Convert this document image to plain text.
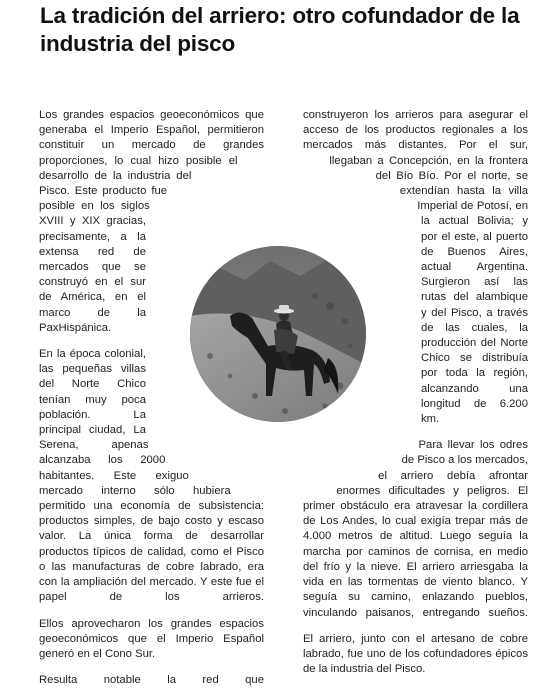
La tradición del arriero: otro cofundador de la industria del pisco

Los grandes espacios geoeconómicos que generaba el Imperio Español, permitieron constituir un mercado de grandes proporciones, lo cual hizo posible el desarrollo de la industria del Pisco. Este producto fue posible en los siglos XVIII y XIX gracias, precisamente, a la extensa red de mercados que se construyó en el sur de América, en el marco de la PaxHispánica.

En la época colonial, las pequeñas villas del Norte Chico tenían muy poca población. La principal ciudad, La Serena, apenas alcanzaba los 2000 habitantes. Este exiguo mercado interno sólo hubiera permitido una economía de subsistencia: productos simples, de bajo costo y escaso valor. La única forma de desarrollar productos típicos de calidad, como el Pisco o las manufacturas de cobre labrado, era con la ampliación del mercado. Y este fue el papel de los arrieros.

Ellos aprovecharon los grandes espacios geoeconómicos que el Imperio Español generó en el Cono Sur.

Resulta notable la red que

construyeron los arrieros para asegurar el acceso de los productos regionales a los mercados más distantes. Por el sur, llegaban a Concepción, en la frontera del Bío Bío. Por el norte, se extendían hasta la villa Imperial de Potosí, en la actual Bolivia; y por el este, al puerto de Buenos Aires, actual Argentina. Surgieron así las rutas del alambique y del Pisco, a través de las cuales, la producción del Norte Chico se distribuía por toda la región, alcanzando una longitud de 6.200 km.

Para llevar los odres de Pisco a los mercados, el arriero debía afrontar enormes dificultades y peligros. El primer obstáculo era atravesar la cordillera de Los Andes, lo cual exigía trepar más de 4.000 metros de altitud. Luego seguía la marcha por caminos de cornisa, en medio del frío y la nieve. El arriero arriesgaba la vida en las tormentas de viento blanco. Y seguía su camino, enlazando pueblos, vinculando paisanos, entregando sueños.

El arriero, junto con el artesano de cobre labrado, fue uno de los cofundadores épicos de la industria del Pisco.
